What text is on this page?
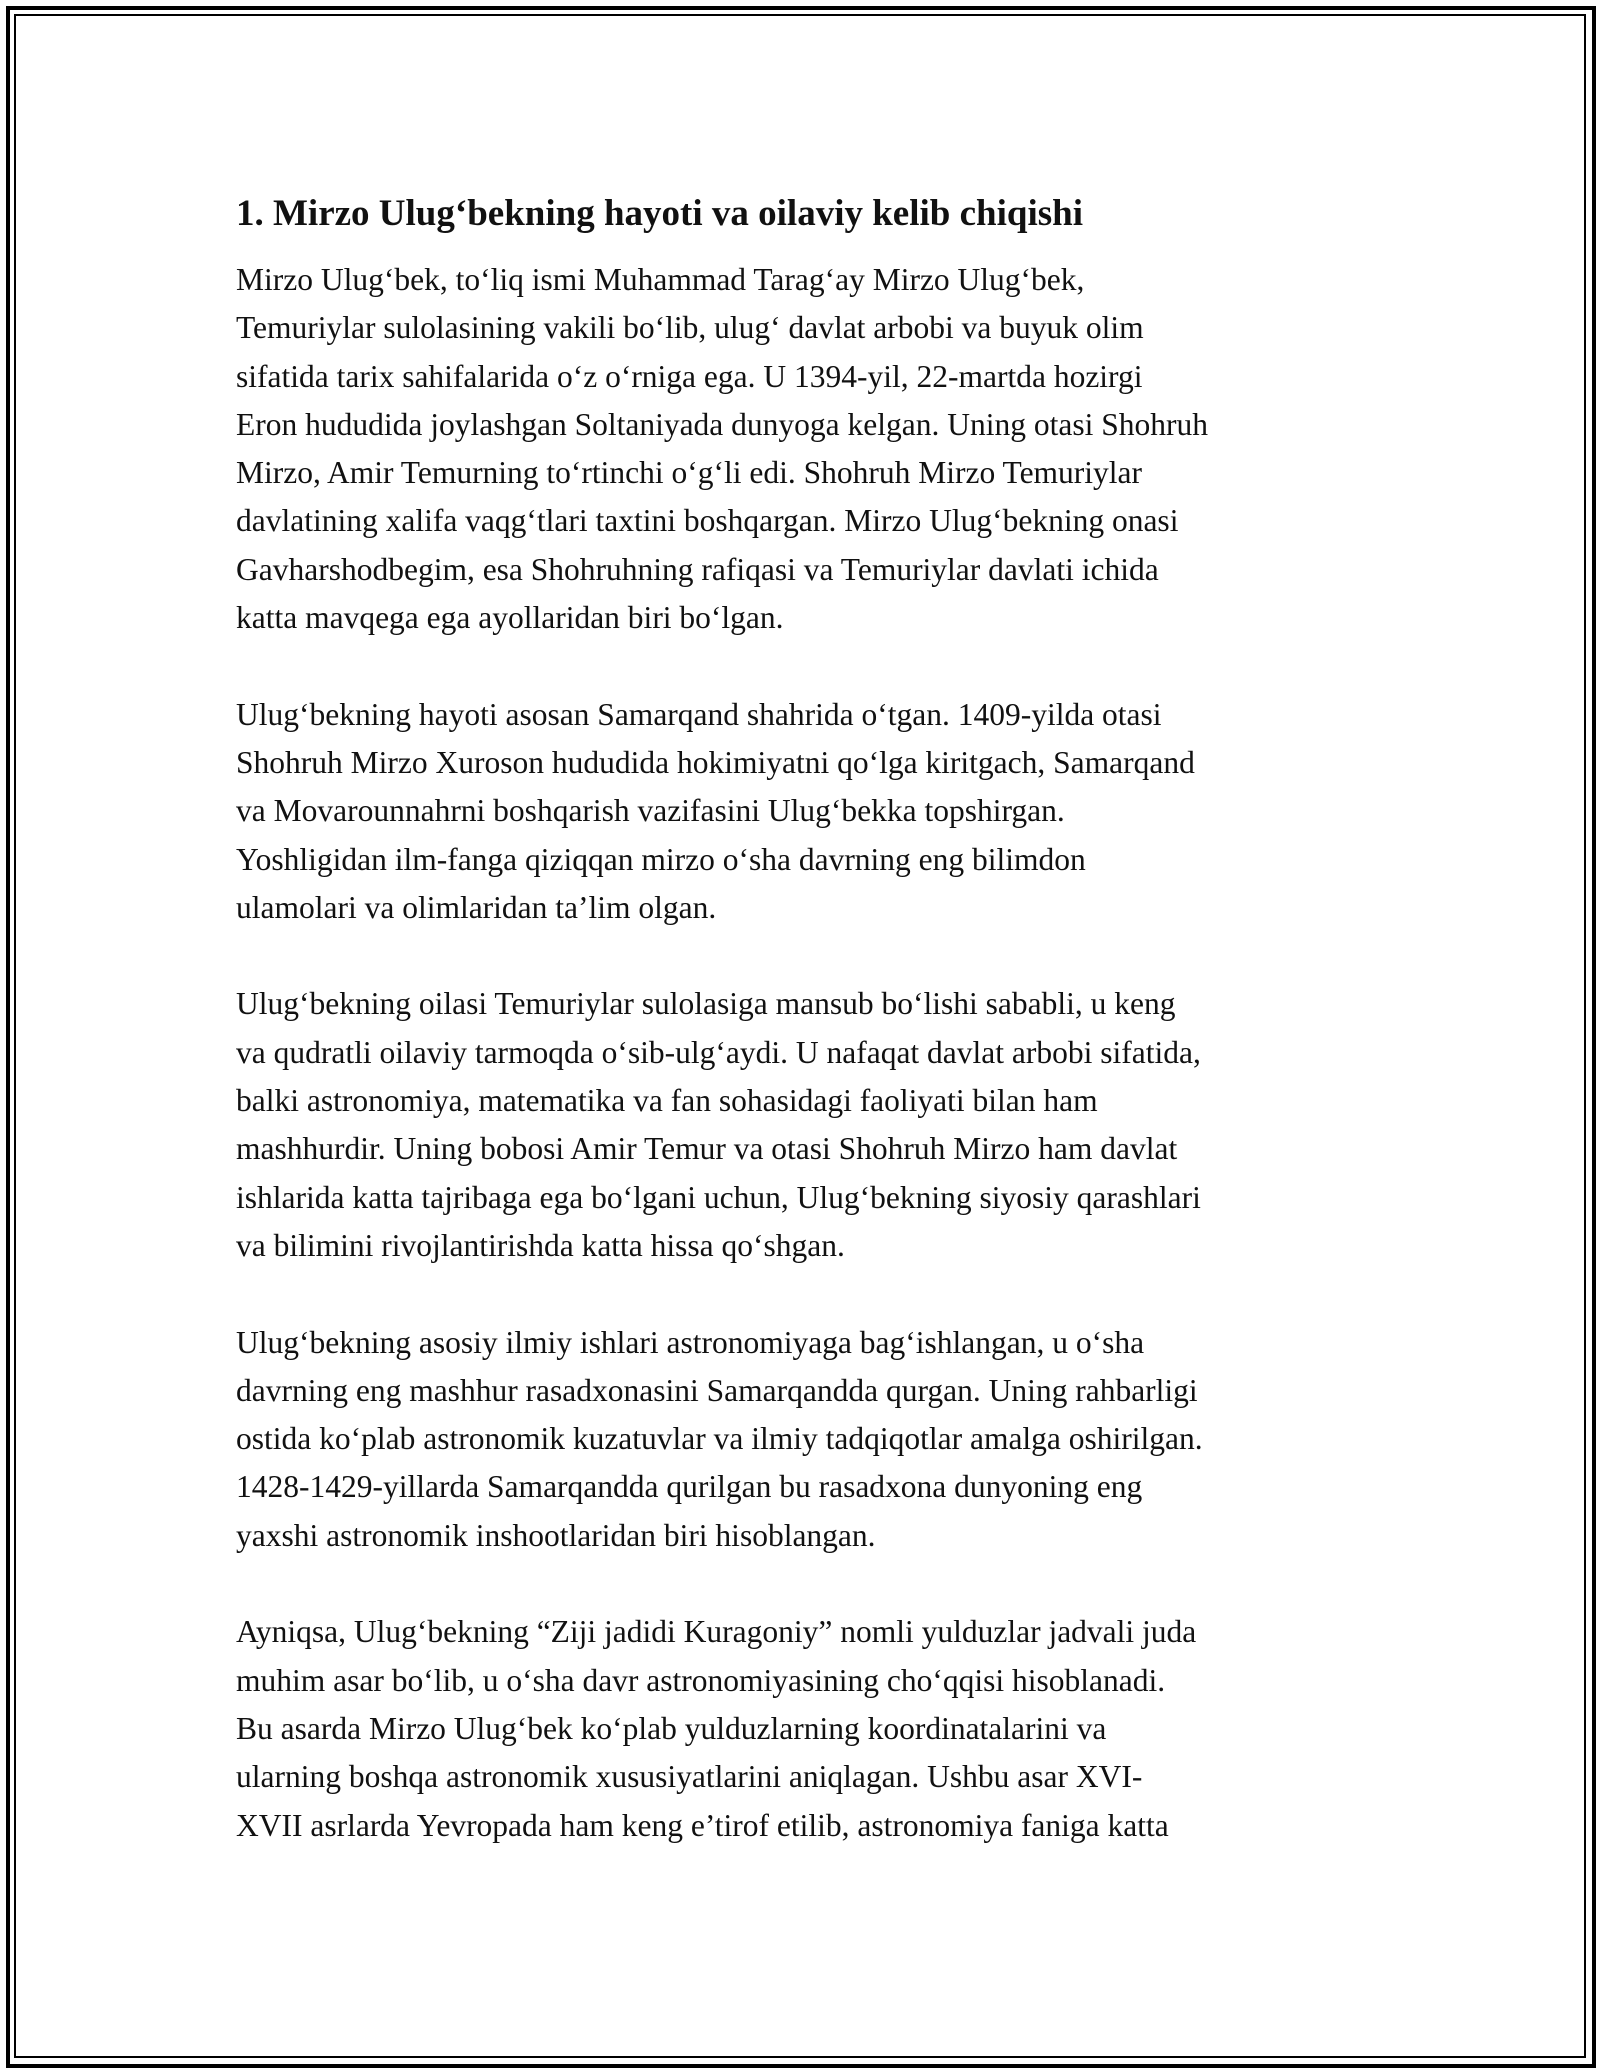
1. Mirzo Ulug‘bekning hayoti va oilaviy kelib chiqishi
Mirzo Ulug‘bek, to‘liq ismi Muhammad Tarag‘ay Mirzo Ulug‘bek,
Temuriylar sulolasining vakili bo‘lib, ulug‘ davlat arbobi va buyuk olim
sifatida tarix sahifalarida o‘z o‘rniga ega. U 1394-yil, 22-martda hozirgi
Eron hududida joylashgan Soltaniyada dunyoga kelgan. Uning otasi Shohruh
Mirzo, Amir Temurning to‘rtinchi o‘g‘li edi. Shohruh Mirzo Temuriylar
davlatining xalifa vaqg‘tlari taxtini boshqargan. Mirzo Ulug‘bekning onasi
Gavharshodbegim, esa Shohruhning rafiqasi va Temuriylar davlati ichida
katta mavqega ega ayollaridan biri bo‘lgan.
Ulug‘bekning hayoti asosan Samarqand shahrida o‘tgan. 1409-yilda otasi
Shohruh Mirzo Xuroson hududida hokimiyatni qo‘lga kiritgach, Samarqand
va Movarounnahrni boshqarish vazifasini Ulug‘bekka topshirgan.
Yoshligidan ilm-fanga qiziqqan mirzo o‘sha davrning eng bilimdon
ulamolari va olimlaridan ta’lim olgan.
Ulug‘bekning oilasi Temuriylar sulolasiga mansub bo‘lishi sababli, u keng
va qudratli oilaviy tarmoqda o‘sib-ulg‘aydi. U nafaqat davlat arbobi sifatida,
balki astronomiya, matematika va fan sohasidagi faoliyati bilan ham
mashhurdir. Uning bobosi Amir Temur va otasi Shohruh Mirzo ham davlat
ishlarida katta tajribaga ega bo‘lgani uchun, Ulug‘bekning siyosiy qarashlari
va bilimini rivojlantirishda katta hissa qo‘shgan.
Ulug‘bekning asosiy ilmiy ishlari astronomiyaga bag‘ishlangan, u o‘sha
davrning eng mashhur rasadxonasini Samarqandda qurgan. Uning rahbarligi
ostida ko‘plab astronomik kuzatuvlar va ilmiy tadqiqotlar amalga oshirilgan.
1428-1429-yillarda Samarqandda qurilgan bu rasadxona dunyoning eng
yaxshi astronomik inshootlaridan biri hisoblangan.
Ayniqsa, Ulug‘bekning “Ziji jadidi Kuragoniy” nomli yulduzlar jadvali juda
muhim asar bo‘lib, u o‘sha davr astronomiyasining cho‘qqisi hisoblanadi.
Bu asarda Mirzo Ulug‘bek ko‘plab yulduzlarning koordinatalarini va
ularning boshqa astronomik xususiyatlarini aniqlagan. Ushbu asar XVI-
XVII asrlarda Yevropada ham keng e’tirof etilib, astronomiya faniga katta
